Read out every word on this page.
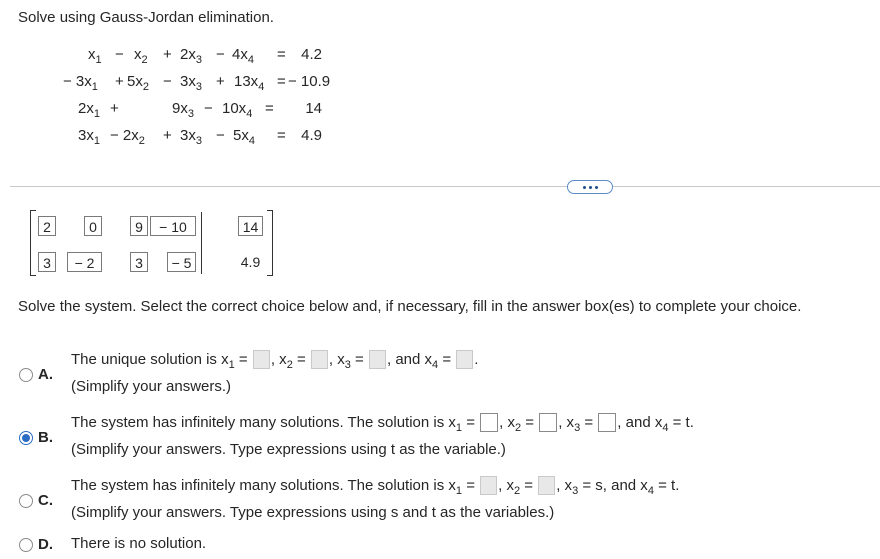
Solve using Gauss-Jordan elimination.
$x_1 - x_2 + 2x_3 - 4x_4$ =	4.2
− $3x_1 + 5x_2 - 3x_3 + 13x_4$ = − 10.9
$2x_1$ +	$9x_3 - 10x_4$ =	14
$3x_1 - 2x_2 + 3x_3 - 5x_4$ =	4.9
2	0	9	− 10	14
3	− 2	3	− 5	4.9
Solve the system. Select the correct choice below and, if necessary, fill in the answer box(es) to complete your choice.
A.
The unique solution is $x_1$ = , $x_2$ = , $x_3$ = , and $x_4$ = .
(Simplify your answers.)
B.
The system has infinitely many solutions. The solution is $x_1$ = , $x_2$ = , $x_3$ = , and $x_4 = t$.
(Simplify your answers. Type expressions using t as the variable.)
C.
The system has infinitely many solutions. The solution is $x_1$ = , $x_2$ = , $x_3 = s$, and $x_4 = t$.
(Simplify your answers. Type expressions using s and t as the variables.)
D. There is no solution.
